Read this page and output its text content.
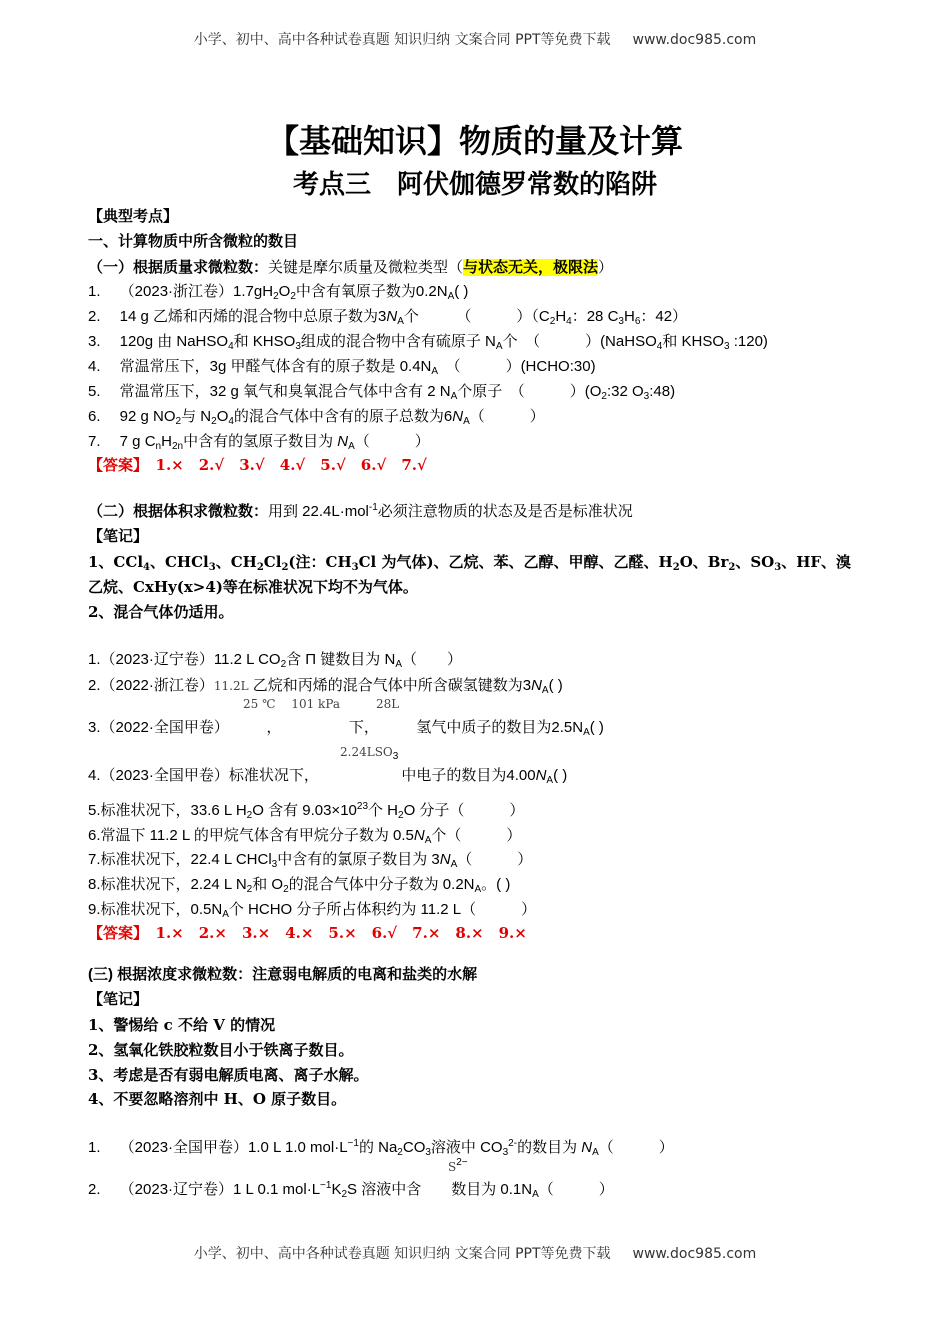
小学、初中、高中各种试卷真题 知识归纳 文案合同 PPT等免费下载 www.doc985.com
【基础知识】物质的量及计算
考点三　阿伏伽德罗常数的陷阱
【典型考点】
一、计算物质中所含微粒的数目
（一）根据质量求微粒数：关键是摩尔质量及微粒类型（与状态无关，极限法）
1.　 （2023·浙江卷）$1.7gH_2O_2$中含有氧原子数为$0.2N_A$( )
2.　 14 g 乙烯和丙烯的混合物中总原子数为$3N_A$个　　　（　　　）（$C_2H_4$：28 $C_3H_6$：42）
3.　 120g 由 NaHSO$_4$和 $KHSO_3$组成的混合物中含有硫原子 $N_A$个　（　　　）(NaHSO$_4$和 $KHSO_3$ :120)
4.　 常温常压下，3g 甲醛气体含有的原子数是 $0.4N_A$　（　　　）(HCHO:30)
5.　 常温常压下，32 g 氧气和臭氧混合气体中含有 2 $N_A$个原子　（　　　）($O_2:32$ $O_3:48$)
6.　 92 g $NO_2$与 $N_2O_4$的混合气体中含有的原子总数为$6N_A$（　　　）
7.　 7 g $C_nH_{2n}$中含有的氢原子数目为 $N_A$（　　　）
【答案】　1.×　2.√　3.√　4.√　5.√　6.√　7.√
（二）根据体积求微粒数：用到 22.4L·mol$^{-1}$必须注意物质的状态及是否是标准状况
【笔记】
1、CCl$_4$、CHCl$_3$、$CH_2Cl_2$(注：$CH_3Cl$ 为气体)、乙烷、苯、乙醇、甲醇、乙醛、$H_2O$、$Br_2$、$SO_3$、HF、溴
乙烷、CxHy(x>4)等在标准状况下均不为气体。
2、混合气体仍适用。
1.（2023·辽宁卷）11.2 L $CO_2$含 Π 键数目为 $N_A$（　　）
2.（2022·浙江卷）11.2L 乙烷和丙烯的混合气体中所含碳氢键数为$3N_A$( )
25 ℃　 101 kPa　　　28L
3.（2022·全国甲卷）　　　，　　　　　下，　　　氢气中质子的数目为$2.5N_A$( )
$2.24LSO_3$
4.（2023·全国甲卷）标准状况下，　　　　　　中电子的数目为$4.00N_A$( )
5.标准状况下，33.6 L $H_2O$ 含有 $9.03\times 10^{23}$个 $H_2O$ 分子（　　　）
6.常温下 11.2 L 的甲烷气体含有甲烷分子数为 $0.5N_A$个（　　　）
7.标准状况下，22.4 L CHCl$_3$中含有的氯原子数目为 $3N_A$（　　　）
8.标准状况下，2.24 L $N_2$和 $O_2$的混合气体中分子数为 $0.2N_A$。( )
9.标准状况下，$0.5N_A$个 HCHO 分子所占体积约为 11.2 L（　　　）
【答案】　1.×　2.×　3.×　4.×　5.×　6.√　7.×　8.×　9.×
(三) 根据浓度求微粒数：注意弱电解质的电离和盐类的水解
【笔记】
1、警惕给 c 不给 V 的情况
2、氢氧化铁胶粒数目小于铁离子数目。
3、考虑是否有弱电解质电离、离子水解。
4、不要忽略溶剂中 H、O 原子数目。
1.　 （2023·全国甲卷）1.0 L 1.0 $mol\cdot L^{-1}$的 $Na_2CO_3$溶液中 $CO_3^{2-}$的数目为 $N_A$（　　　）
$S^{2-}$
2.　 （2023·辽宁卷）1 L 0.1 $mol\cdot L^{-1}K_2S$ 溶液中含　　数目为 $0.1N_A$（　　　）
小学、初中、高中各种试卷真题 知识归纳 文案合同 PPT等免费下载 www.doc985.com
